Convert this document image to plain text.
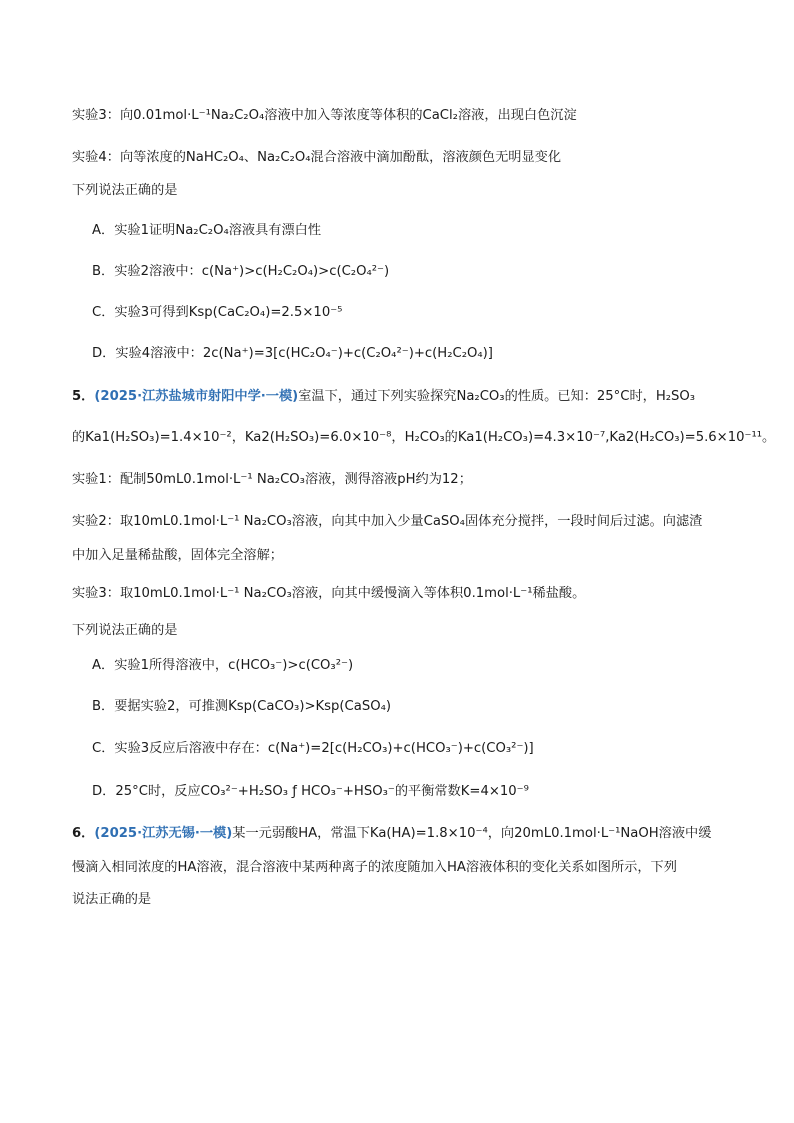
实验3：向0.01mol·L⁻¹Na₂C₂O₄溶液中加入等浓度等体积的CaCl₂溶液，出现白色沉淀
实验4：向等浓度的NaHC₂O₄、Na₂C₂O₄混合溶液中滴加酚酞，溶液颜色无明显变化
下列说法正确的是
A．实验1证明Na₂C₂O₄溶液具有漂白性
B．实验2溶液中：c(Na⁺)>c(H₂C₂O₄)>c(C₂O₄²⁻)
C．实验3可得到Ksp(CaC₂O₄)=2.5×10⁻⁵
D．实验4溶液中：2c(Na⁺)=3[c(HC₂O₄⁻)+c(C₂O₄²⁻)+c(H₂C₂O₄)]
5．(2025·江苏盐城市射阳中学·一模)室温下，通过下列实验探究Na₂CO₃的性质。已知：25°C时，H₂SO₃
的Ka1(H₂SO₃)=1.4×10⁻²，Ka2(H₂SO₃)=6.0×10⁻⁸，H₂CO₃的Ka1(H₂CO₃)=4.3×10⁻⁷,Ka2(H₂CO₃)=5.6×10⁻¹¹。
实验1：配制50mL0.1mol·L⁻¹ Na₂CO₃溶液，测得溶液pH约为12；
实验2：取10mL0.1mol·L⁻¹ Na₂CO₃溶液，向其中加入少量CaSO₄固体充分搅拌，一段时间后过滤。向滤渣
中加入足量稀盐酸，固体完全溶解；
实验3：取10mL0.1mol·L⁻¹ Na₂CO₃溶液，向其中缓慢滴入等体积0.1mol·L⁻¹稀盐酸。
下列说法正确的是
A．实验1所得溶液中，c(HCO₃⁻)>c(CO₃²⁻)
B．要据实验2，可推测Ksp(CaCO₃)>Ksp(CaSO₄)
C．实验3反应后溶液中存在：c(Na⁺)=2[c(H₂CO₃)+c(HCO₃⁻)+c(CO₃²⁻)]
D．25°C时，反应CO₃²⁻+H₂SO₃ ƒ HCO₃⁻+HSO₃⁻的平衡常数K=4×10⁻⁹
6．(2025·江苏无锡·一模)某一元弱酸HA，常温下Ka(HA)=1.8×10⁻⁴，向20mL0.1mol·L⁻¹NaOH溶液中缓
慢滴入相同浓度的HA溶液，混合溶液中某两种离子的浓度随加入HA溶液体积的变化关系如图所示，下列
说法正确的是
